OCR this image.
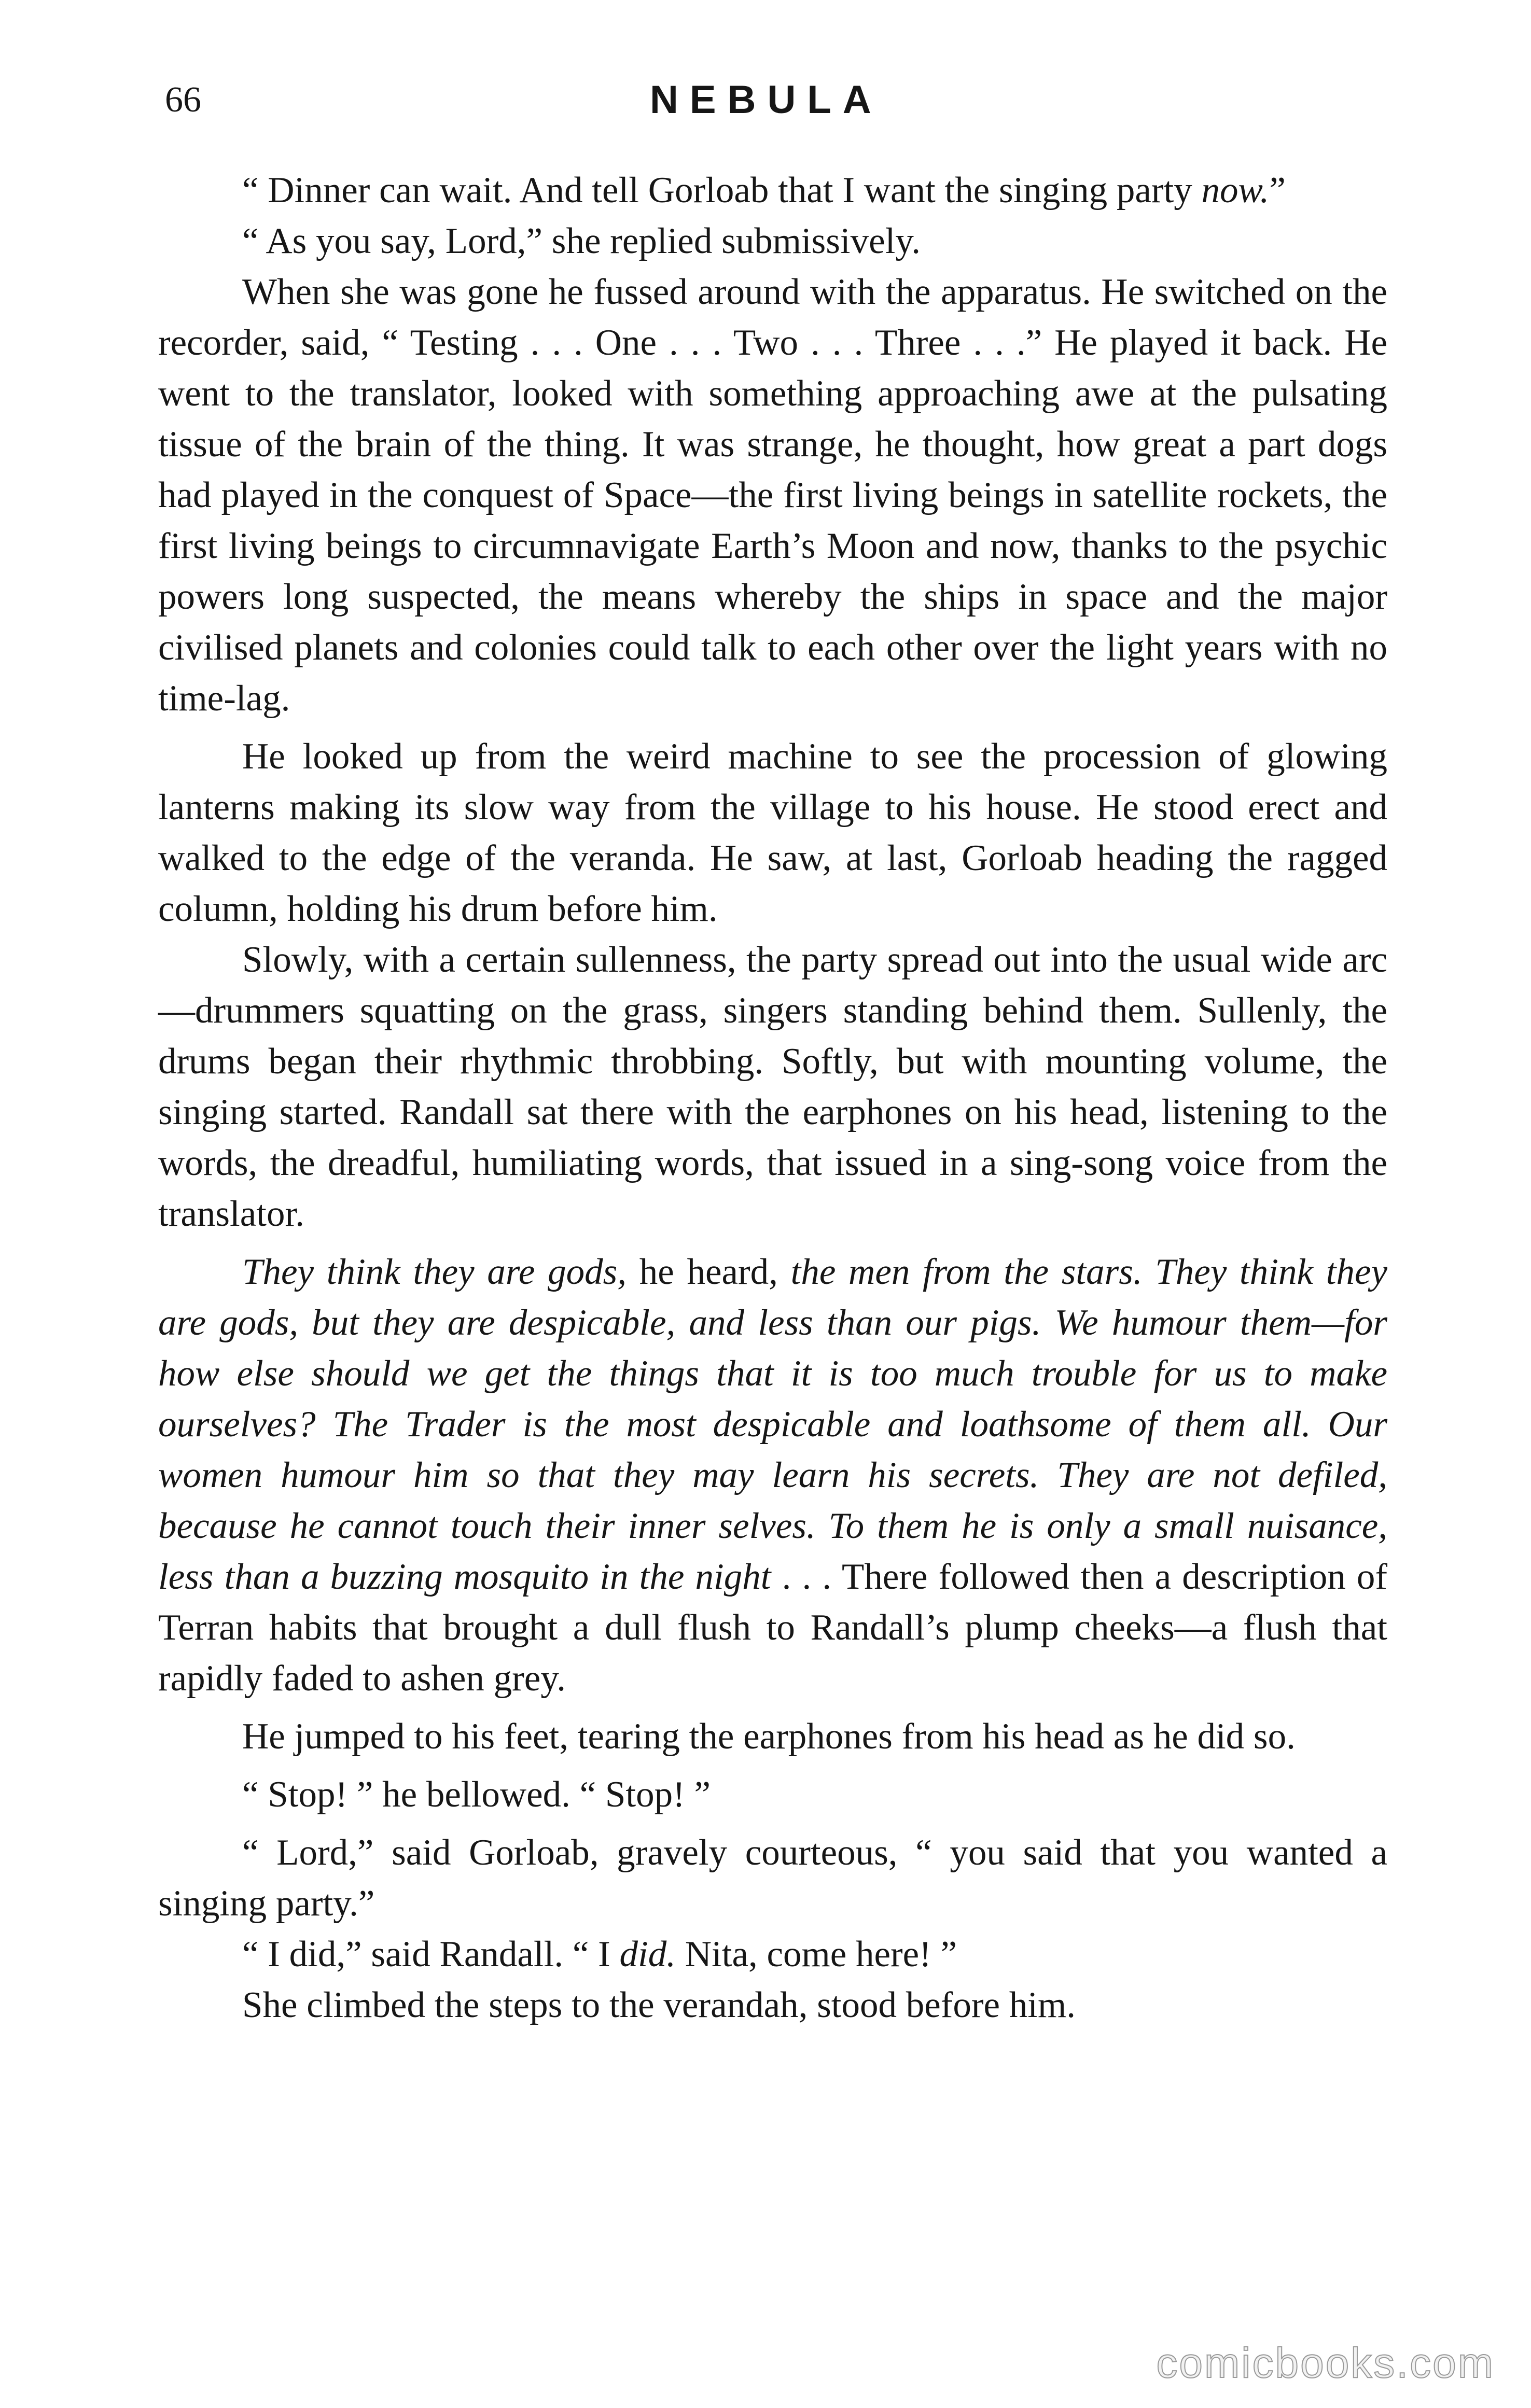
66	NEBULA

“ Dinner can wait. And tell Gorloab that I want the singing party now.”

“ As you say, Lord,” she replied submissively.

When she was gone he fussed around with the apparatus. He switched on the recorder, said, “ Testing . . . One . . . Two . . . Three . . .” He played it back. He went to the translator, looked with something approaching awe at the pulsating tissue of the brain of the thing. It was strange, he thought, how great a part dogs had played in the conquest of Space—the first living beings in satellite rockets, the first living beings to circumnavigate Earth’s Moon and now, thanks to the psychic powers long suspected, the means whereby the ships in space and the major civilised planets and colonies could talk to each other over the light years with no time-lag.

He looked up from the weird machine to see the procession of glowing lanterns making its slow way from the village to his house. He stood erect and walked to the edge of the veranda. He saw, at last, Gorloab heading the ragged column, holding his drum before him.

Slowly, with a certain sullenness, the party spread out into the usual wide arc—drummers squatting on the grass, singers standing behind them. Sullenly, the drums began their rhythmic throbbing. Softly, but with mounting volume, the singing started. Randall sat there with the earphones on his head, listening to the words, the dreadful, humiliating words, that issued in a sing-song voice from the translator.

They think they are gods, he heard, the men from the stars. They think they are gods, but they are despicable, and less than our pigs. We humour them—for how else should we get the things that it is too much trouble for us to make ourselves? The Trader is the most despicable and loathsome of them all. Our women humour him so that they may learn his secrets. They are not defiled, because he cannot touch their inner selves. To them he is only a small nuisance, less than a buzzing mosquito in the night . . . There followed then a description of Terran habits that brought a dull flush to Randall’s plump cheeks—a flush that rapidly faded to ashen grey.

He jumped to his feet, tearing the earphones from his head as he did so.

“ Stop! ” he bellowed. “ Stop! ”

“ Lord,” said Gorloab, gravely courteous, “ you said that you wanted a singing party.”

“ I did,” said Randall. “ I did. Nita, come here! ”

She climbed the steps to the verandah, stood before him.

comicbooks.com
